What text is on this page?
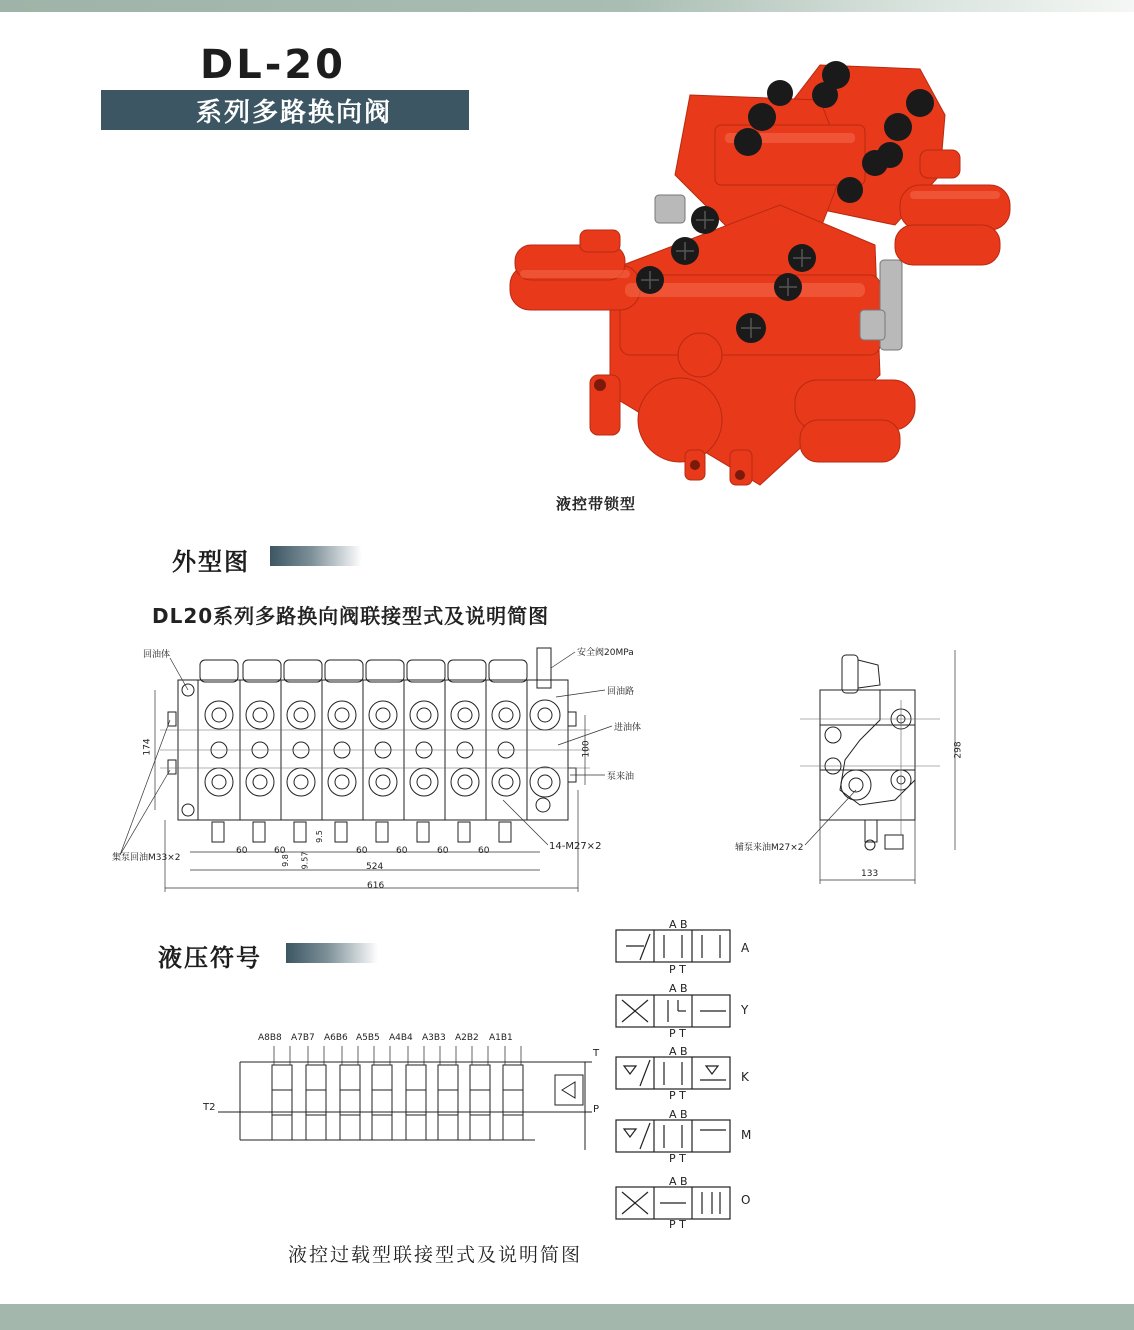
DL-20
系列多路换向阀
液控带锁型
外型图
DL20系列多路换向阀联接型式及说明简图
回油体	安全阀20MPa
回油路
进油体
泵来油
14-M27×2
集泵回油M33×2
辅泵来油M27×2
174	100
60	60	60	60	60	60
9.5
9.8 9.57	524
616
298
133
液压符号
A8B8 A7B7 A6B6 A5B5 A4B4 A3B3 A2B2 A1B1
T
P
T2
A B
P T
A
A B
P T
Y
A B
P T
K
A B
P T
M
A B
P T
O
液控过载型联接型式及说明简图
